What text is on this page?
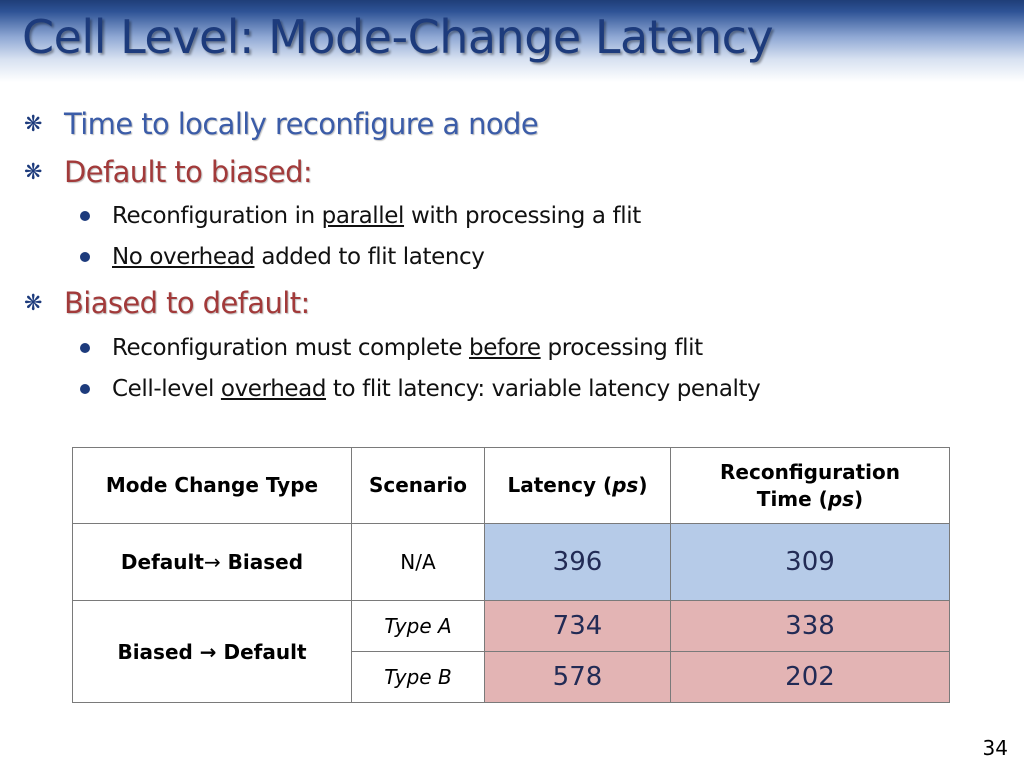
Cell Level: Mode-Change Latency
❋ Time to locally reconfigure a node
❋ Default to biased:
Reconfiguration in parallel with processing a flit
No overhead added to flit latency
❋ Biased to default:
Reconfiguration must complete before processing flit
Cell-level overhead to flit latency: variable latency penalty
Mode Change Type	Scenario	Latency (ps)	Reconfiguration
Time (ps)
Default→ Biased	N/A	396	309
Biased → Default	Type A	734	338
	Type B	578	202
34
